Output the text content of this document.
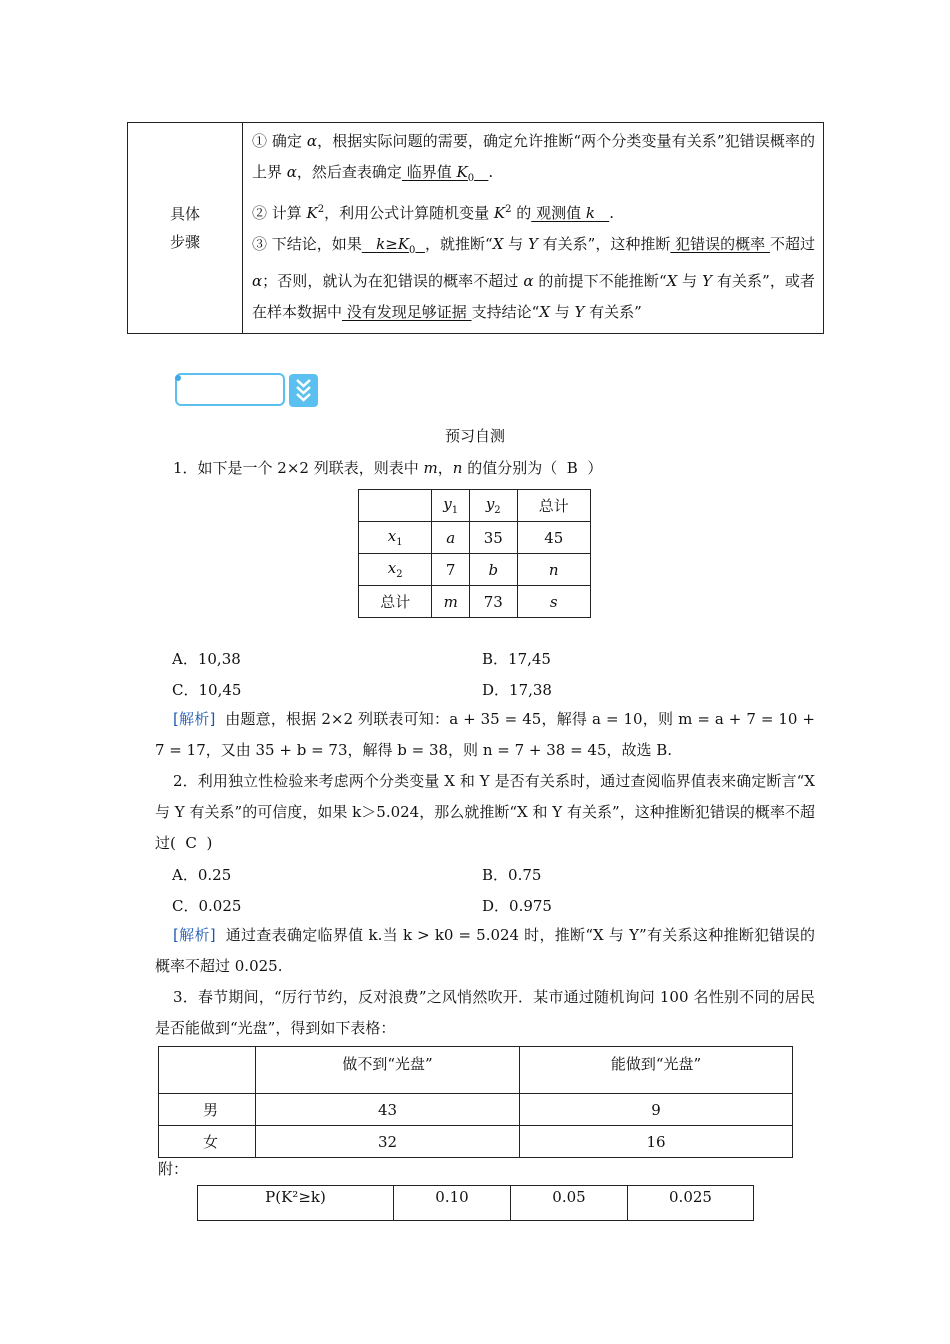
具体
步骤

① 确定 α，根据实际问题的需要，确定允许推断“两个分类变量有关系”犯错误概率的上界 α，然后查表确定 临界值 $K_0$ .
② 计算 $K^2$，利用公式计算随机变量 $K^2$ 的 观测值 k .
③ 下结论，如果 $k\ge K_0$ ，就推断“X 与 Y 有关系”，这种推断 犯错误的概率 不超过 α；否则，就认为在犯错误的概率不超过 α 的前提下不能推断“X 与 Y 有关系”，或者在样本数据中 没有发现足够证据 支持结论“X 与 Y 有关系”
预习自测
1．如下是一个 2×2 列联表，则表中 m，n 的值分别为（ B ）
	$y_1$	$y_2$	总计
$x_1$	a	35	45
$x_2$	7	b	n
总计	m	73	s
A．10,38	B．17,45
C．10,45	D．17,38
[解析] 由题意，根据 2×2 列联表可知：a + 35 = 45，解得 a = 10，则 m = a + 7 = 10 + 7 = 17，又由 35 + b = 73，解得 b = 38，则 n = 7 + 38 = 45，故选 B.
2．利用独立性检验来考虑两个分类变量 X 和 Y 是否有关系时，通过查阅临界值表来确定断言“X 与 Y 有关系”的可信度，如果 k＞5.024，那么就推断“X 和 Y 有关系”，这种推断犯错误的概率不超过( C )
A．0.25	B．0.75
C．0.025	D．0.975
[解析] 通过查表确定临界值 k.当 k > k0 = 5.024 时，推断“X 与 Y”有关系这种推断犯错误的概率不超过 0.025.
3．春节期间，“厉行节约，反对浪费”之风悄然吹开．某市通过随机询问 100 名性别不同的居民是否能做到“光盘”，得到如下表格：
	做不到“光盘”	能做到“光盘”
男	43	9
女	32	16
附：
P(K²≥k)	0.10	0.05	0.025
